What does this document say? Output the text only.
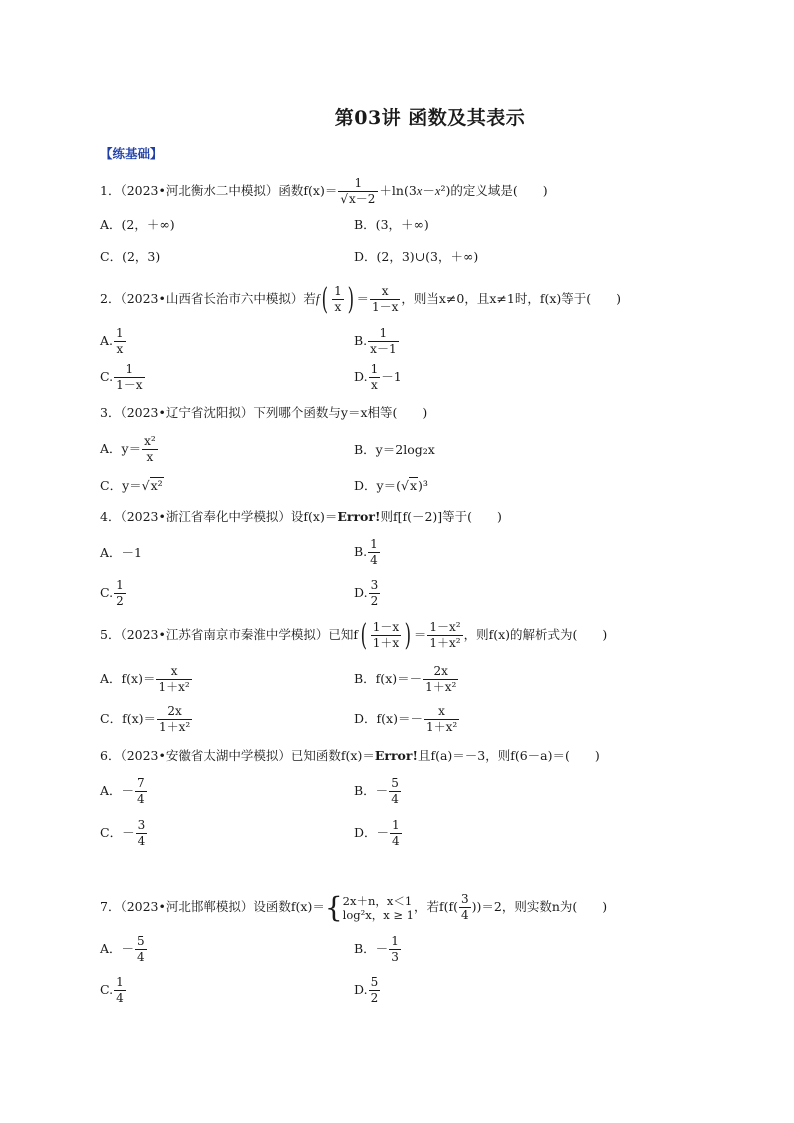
第03讲 函数及其表示
【练基础】
1．（2023•河北衡水二中模拟）函数$f(x)= \frac{1}{√x-2} +\ln(3x-x^2)$的定义域是(　　)
A．(2，＋∞)	B．(3，＋∞)
C．(2，3)	D．(2，3)∪(3，＋∞)
2．（2023•山西省长治市六中模拟）若$f( \frac{1}{x}$ ) ＝ $\frac{x}{1-x}$ ，则当x≠0，且x≠1时，f(x)等于(　　)
A. $\frac{1}{x}$	B. $\frac{1}{x-1}$
C. $\frac{1}{1-x}$	D. $\frac{1}{x} -1$
3．（2023•辽宁省沈阳拟）下列哪个函数与y＝x相等(　　)
A．$y= \frac{\text{x²}}{x}$	B．y＝2log₂x
C．y＝√x²	D．y＝(√x)³
4．（2023•浙江省奉化中学模拟）设f(x)＝Error!则f[f(－2)]等于(　　)
A．－1	B. $\frac{1}{4}$
C. $\frac{1}{2}$	D. $\frac{3}{2}$
5．（2023•江苏省南京市秦淮中学模拟）已知$f( \frac{1-x}{1+x}$ ) ＝ $\frac{\text{1－x²}}{\text{1＋x²}}$ ，则f(x)的解析式为(　　)
A．$f(x)= \frac{x}{\text{1＋x²}}$	B．$f(x)=- \frac{2x}{\text{1＋x²}}$
C．$f(x)= \frac{2x}{\text{1＋x²}}$	D．$f(x)=- \frac{x}{\text{1＋x²}}$
6．（2023•安徽省太湖中学模拟）已知函数f(x)＝Error!且f(a)＝－3，则f(6－a)＝(　　)
A．－ $\frac{7}{4}$	B．－ $\frac{5}{4}$
C．－ $\frac{3}{4}$	D．－ $\frac{1}{4}$
7．（2023•河北邯郸模拟）设函数f(x)＝{ 2x＋n，x＜1
log²x，x ≥ 1
，若$f(f( \frac{3}{4} ))=2$，则实数n为(　　)
A．－ $\frac{5}{4}$	B．－ $\frac{1}{3}$
C. $\frac{1}{4}$	D. $\frac{5}{2}$
